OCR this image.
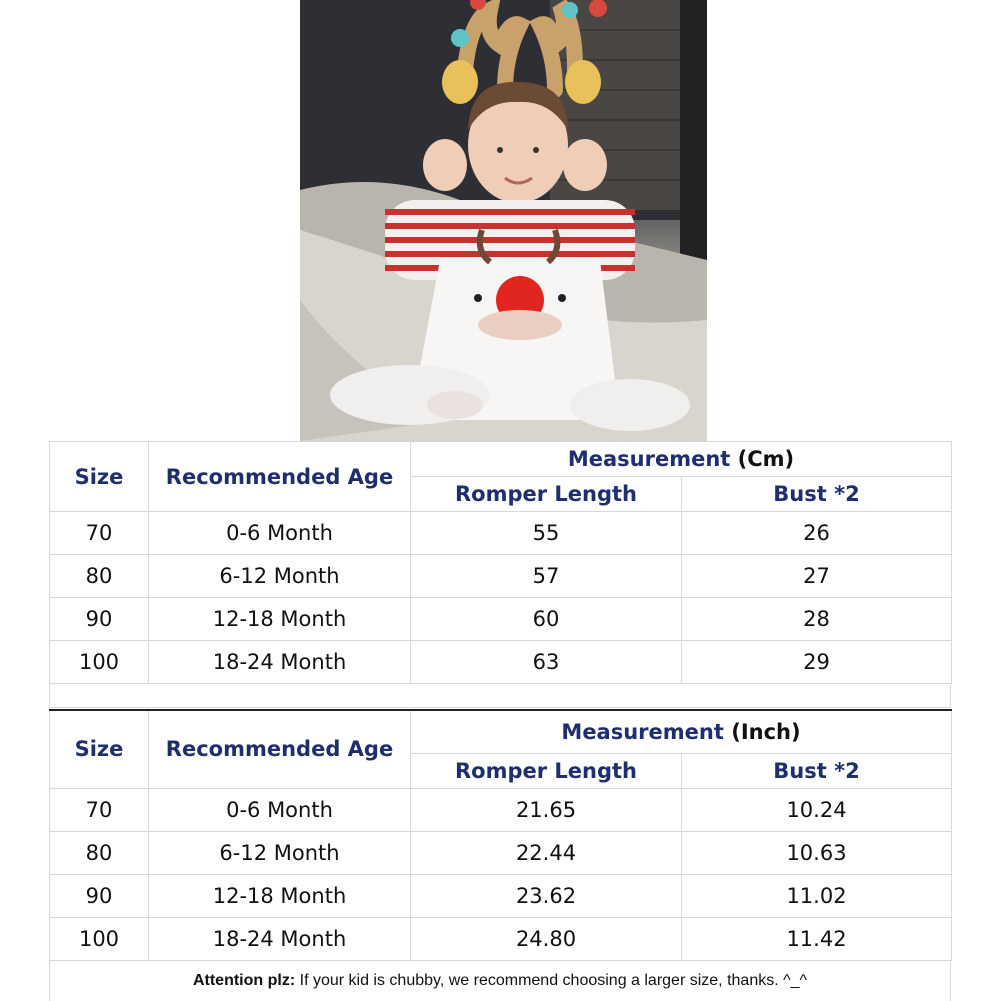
Size	Recommended Age	Measurement (Cm)	
		Romper Length	Bust *2
70	0-6 Month	55	26
80	6-12 Month	57	27
90	12-18 Month	60	28
100	18-24 Month	63	29
Size	Recommended Age	Measurement (Inch)	
		Romper Length	Bust *2
70	0-6 Month	21.65	10.24
80	6-12 Month	22.44	10.63
90	12-18 Month	23.62	11.02
100	18-24 Month	24.80	11.42
Attention plz: If your kid is chubby, we recommend choosing a larger size, thanks. ^_^
